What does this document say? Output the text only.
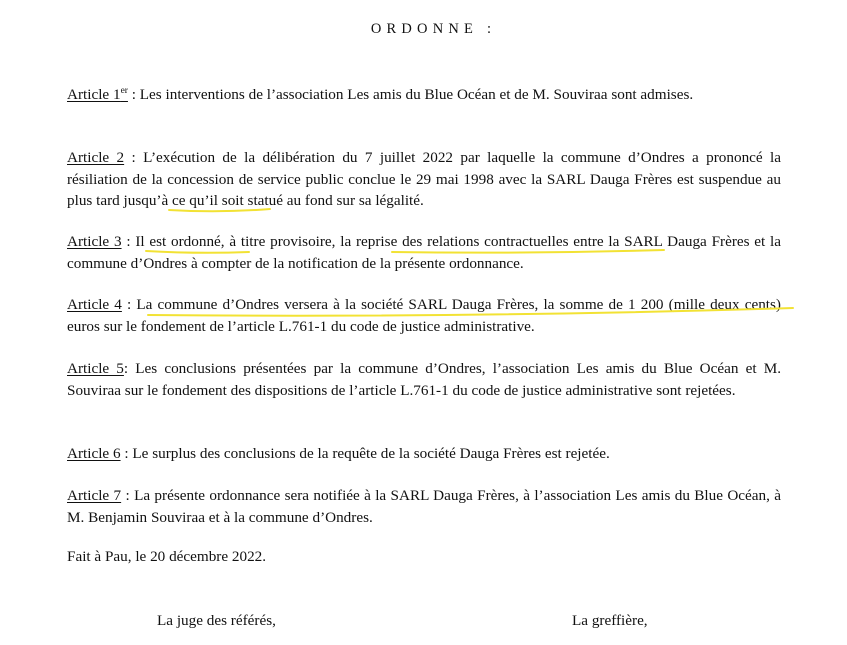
ORDONNE :
Article 1er : Les interventions de l’association Les amis du Blue Océan et de M. Souviraa sont admises.
Article 2 : L’exécution de la délibération du 7 juillet 2022 par laquelle la commune d’Ondres a prononcé la résiliation de la concession de service public conclue le 29 mai 1998 avec la SARL Dauga Frères est suspendue au plus tard jusqu’à ce qu’il soit statué au fond sur sa légalité.
Article 3 : Il est ordonné, à titre provisoire, la reprise des relations contractuelles entre la SARL Dauga Frères et la commune d’Ondres à compter de la notification de la présente ordonnance.
Article 4 : La commune d’Ondres versera à la société SARL Dauga Frères, la somme de 1 200 (mille deux cents) euros sur le fondement de l’article L.761-1 du code de justice administrative.
Article 5: Les conclusions présentées par la commune d’Ondres, l’association Les amis du Blue Océan et M. Souviraa sur le fondement des dispositions de l’article L.761-1 du code de justice administrative sont rejetées.
Article 6 : Le surplus des conclusions de la requête de la société Dauga Frères est rejetée.
Article 7 : La présente ordonnance sera notifiée à la SARL Dauga Frères, à l’association Les amis du Blue Océan, à M. Benjamin Souviraa et à la commune d’Ondres.
Fait à Pau, le 20 décembre 2022.
La juge des référés,	La greffière,
